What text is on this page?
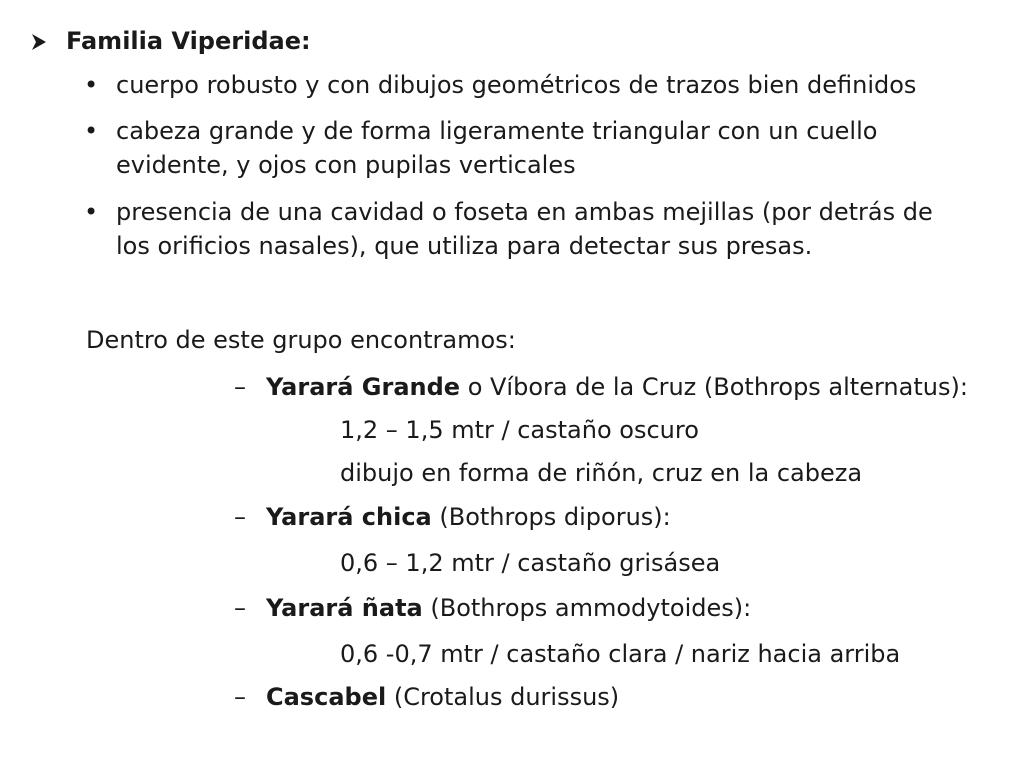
Familia Viperidae:
• cuerpo robusto y con dibujos geométricos de trazos bien definidos
• cabeza grande y de forma ligeramente triangular con un cuello
evidente, y ojos con pupilas verticales
• presencia de una cavidad o foseta en ambas mejillas (por detrás de
los orificios nasales), que utiliza para detectar sus presas.
Dentro de este grupo encontramos:
– Yarará Grande o Víbora de la Cruz (Bothrops alternatus):
1,2 – 1,5 mtr / castaño oscuro
dibujo en forma de riñón, cruz en la cabeza
– Yarará chica (Bothrops diporus):
0,6 – 1,2 mtr / castaño grisásea
– Yarará ñata (Bothrops ammodytoides):
0,6 -0,7 mtr / castaño clara / nariz hacia arriba
– Cascabel (Crotalus durissus)
